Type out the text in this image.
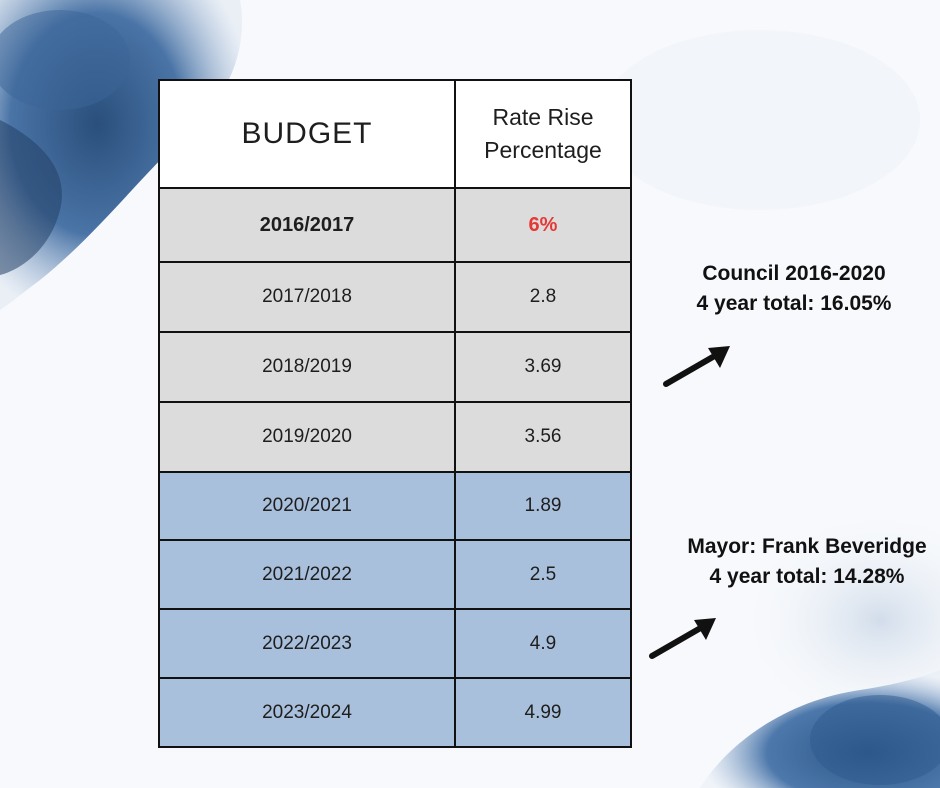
BUDGET	Rate Rise
Percentage

2016/2017	6%
2017/2018	2.8
2018/2019	3.69
2019/2020	3.56
2020/2021	1.89
2021/2022	2.5
2022/2023	4.9
2023/2024	4.99
Council 2016-2020
4 year total: 16.05%
Mayor: Frank Beveridge
4 year total: 14.28%
